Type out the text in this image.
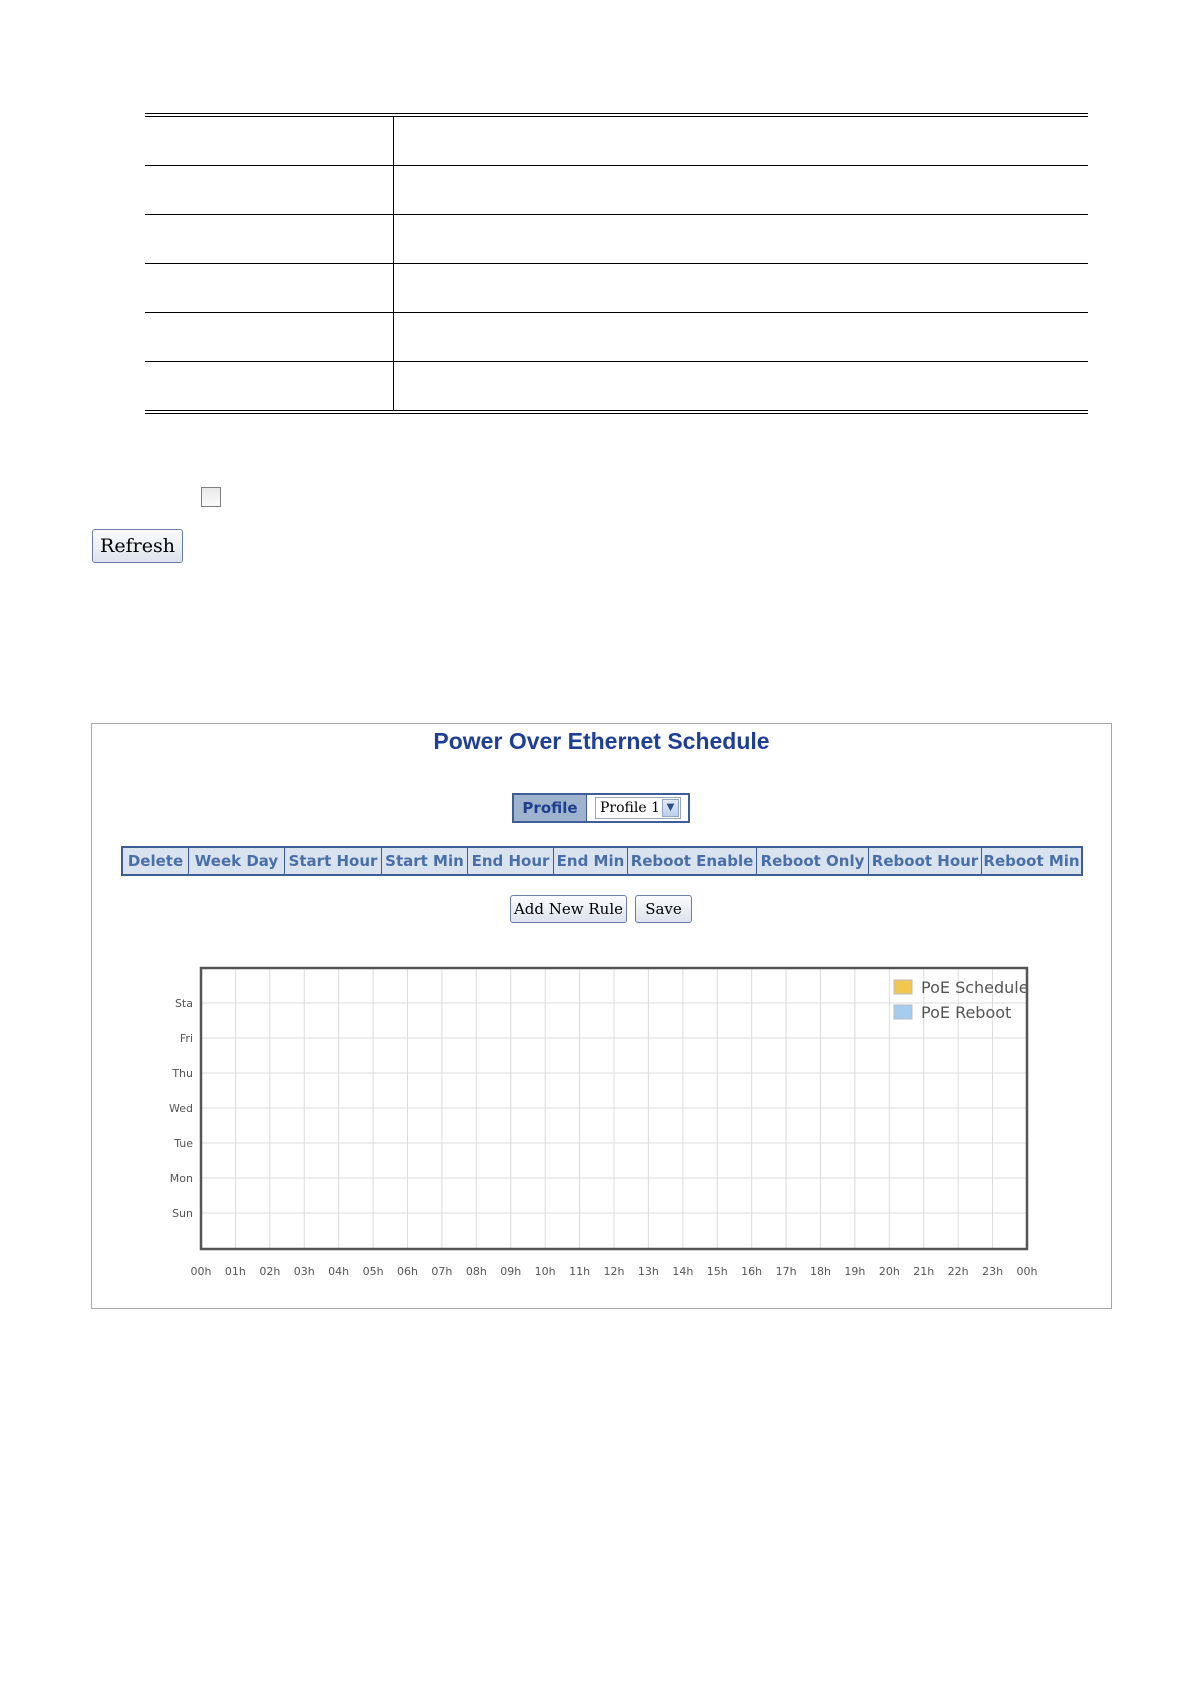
Refresh
Power Over Ethernet Schedule
Profile	Profile 1 ▼
Delete Week Day Start Hour Start Min End Hour End Min Reboot Enable Reboot Only Reboot Hour Reboot Min
Add New Rule	Save
00h 01h 02h 03h 04h 05h 06h 07h 08h 09h 10h 11h 12h 13h 14h 15h 16h 17h 18h 19h 20h 21h 22h 23h 00h
Sun
Mon
Tue
Wed
Thu
Fri
Sta
PoE Schedule
PoE Reboot
